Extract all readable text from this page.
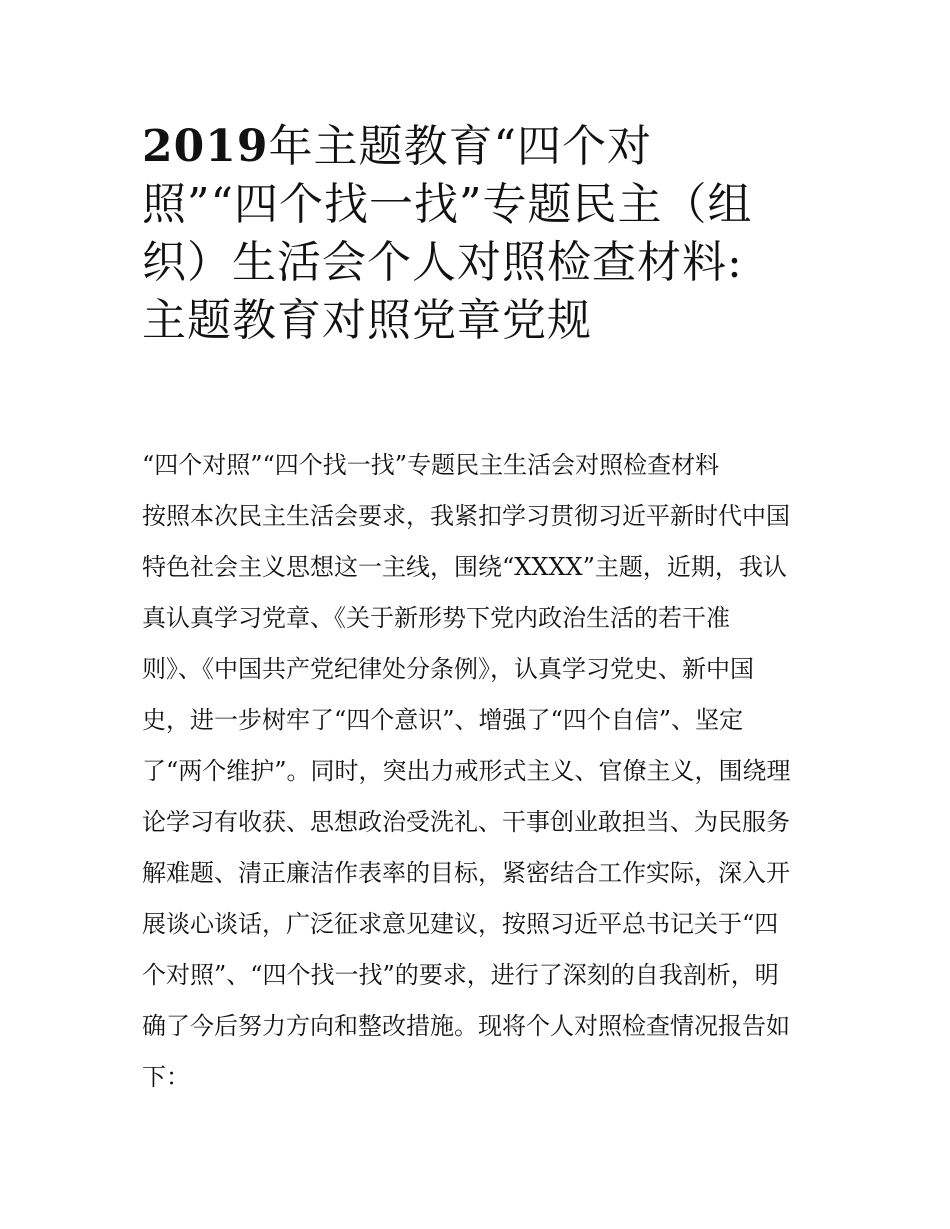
2019年主题教育“四个对
照”“四个找一找”专题民主（组
织）生活会个人对照检查材料:
主题教育对照党章党规
“四个对照”“四个找一找”专题民主生活会对照检查材料
按照本次民主生活会要求，我紧扣学习贯彻习近平新时代中国
特色社会主义思想这一主线，围绕“XXXX”主题，近期，我认
真认真学习党章、《关于新形势下党内政治生活的若干准
则》、《中国共产党纪律处分条例》，认真学习党史、新中国
史，进一步树牢了“四个意识”、增强了“四个自信”、坚定
了“两个维护”。同时，突出力戒形式主义、官僚主义，围绕理
论学习有收获、思想政治受洗礼、干事创业敢担当、为民服务
解难题、清正廉洁作表率的目标，紧密结合工作实际，深入开
展谈心谈话，广泛征求意见建议，按照习近平总书记关于“四
个对照”、“四个找一找”的要求，进行了深刻的自我剖析，明
确了今后努力方向和整改措施。现将个人对照检查情况报告如
下：
